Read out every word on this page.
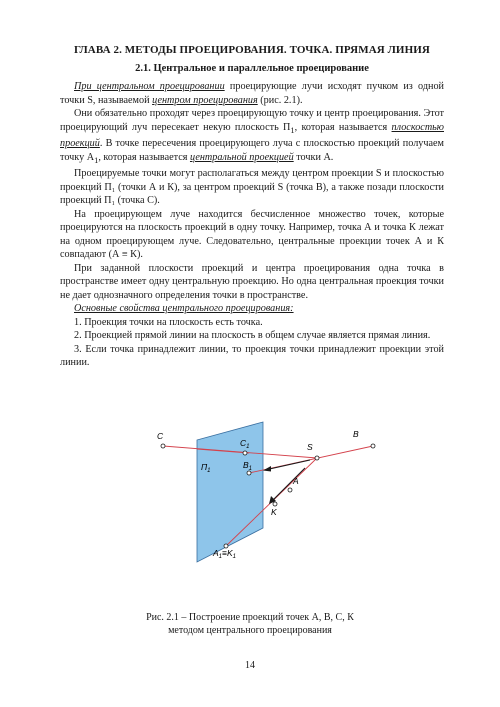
ГЛАВА 2. МЕТОДЫ ПРОЕЦИРОВАНИЯ. ТОЧКА. ПРЯМАЯ ЛИНИЯ
2.1. Центральное и параллельное проецирование

При центральном проецировании проецирующие лучи исходят пучком из одной точки S, называемой центром проецирования (рис. 2.1).

Они обязательно проходят через проецирующую точку и центр проецирования. Этот проецирующий луч пересекает некую плоскость $П_1$, которая называется плоскостью проекций. В точке пересечения проецирующего луча с плоскостью проекций получаем точку $А_1$, которая называется центральной проекцией точки А.

Проецируемые точки могут располагаться между центром проекции S и плоскостью проекций П₁ (точки А и К), за центром проекций S (точка В), а также позади плоскости проекций П₁ (точка С).

На проецирующем луче находится бесчисленное множество точек, которые проецируются на плоскость проекций в одну точку. Например, точка А и точка К лежат на одном проецирующем луче. Следовательно, центральные проекции точек А и К совпадают (А ≡ К).

При заданной плоскости проекций и центра проецирования одна точка в пространстве имеет одну центральную проекцию. Но одна центральная проекция точки не дает однозначного определения точки в пространстве.

Основные свойства центрального проецирования:

1. Проекция точки на плоскость есть точка.

2. Проекцией прямой линии на плоскость в общем случае является прямая линия.

3. Если точка принадлежит линии, то проекция точки принадлежит проекции этой линии.

C
$C_1$	S
B
$B_1$
$П_1$
A
K
$A_1\equiv K_1$
Рис. 2.1 – Построение проекций точек А, В, С, К
методом центрального проецирования
14
